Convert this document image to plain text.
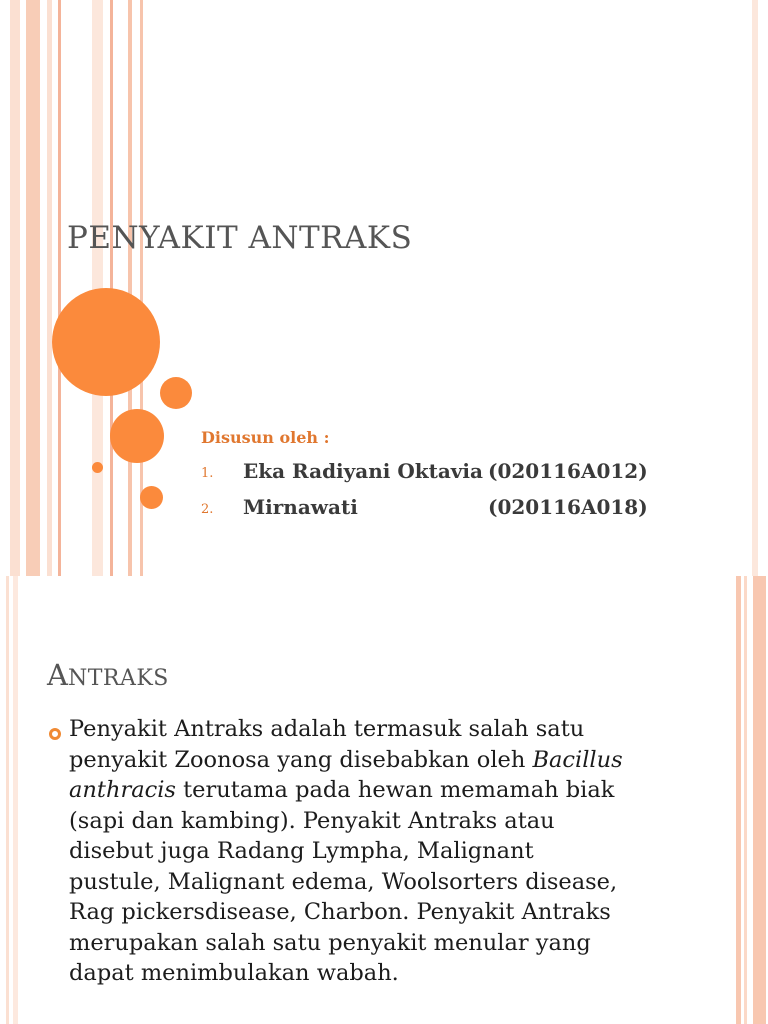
PENYAKIT ANTRAKS
Disusun oleh :
1. Eka Radiyani Oktavia (020116A012)
2. Mirnawati	(020116A018)
ANTRAKS
Penyakit Antraks adalah termasuk salah satu
penyakit Zoonosa yang disebabkan oleh Bacillus
anthracis terutama pada hewan memamah biak
(sapi dan kambing). Penyakit Antraks atau
disebut juga Radang Lympha, Malignant
pustule, Malignant edema, Woolsorters disease,
Rag pickersdisease, Charbon. Penyakit Antraks
merupakan salah satu penyakit menular yang
dapat menimbulakan wabah.
